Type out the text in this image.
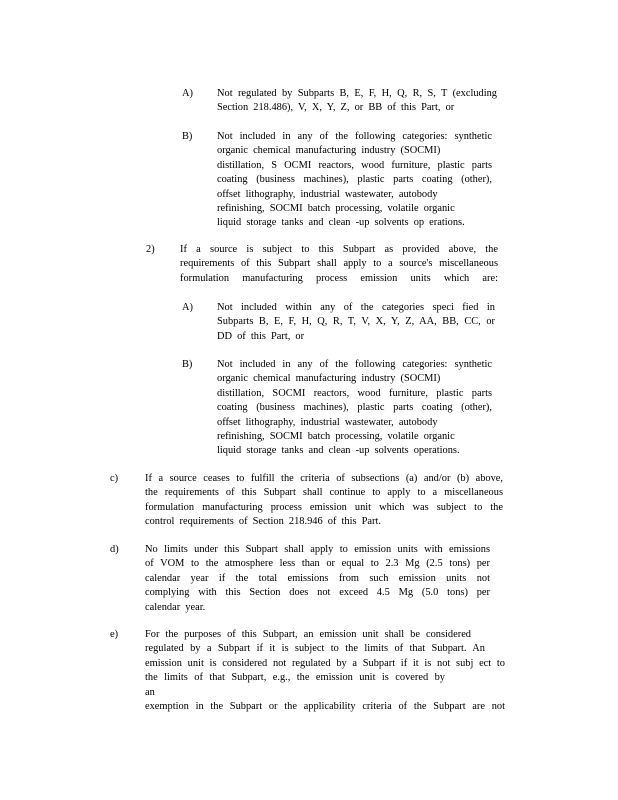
A) Not regulated by Subparts B, E, F, H, Q, R, S, T (excluding
Section 218.486), V, X, Y, Z, or BB of this Part, or
B) Not included in any of the following categories: synthetic
organic chemical manufacturing industry (SOCMI)
distillation, S OCMI reactors, wood furniture, plastic parts
coating (business machines), plastic parts coating (other),
offset lithography, industrial wastewater, autobody
refinishing, SOCMI batch processing, volatile organic
liquid storage tanks and clean -up solvents op erations.
2) If a source is subject to this Subpart as provided above, the
requirements of this Subpart shall apply to a source's miscellaneous
formulation manufacturing process emission units which are:
A) Not included within any of the categories speci fied in
Subparts B, E, F, H, Q, R, T, V, X, Y, Z, AA, BB, CC, or
DD of this Part, or
B) Not included in any of the following categories: synthetic
organic chemical manufacturing industry (SOCMI)
distillation, SOCMI reactors, wood furniture, plastic parts
coating (business machines), plastic parts coating (other),
offset lithography, industrial wastewater, autobody
refinishing, SOCMI batch processing, volatile organic
liquid storage tanks and clean -up solvents operations.
c)	If a source ceases to fulfill the criteria of subsections (a) and/or (b) above,
the requirements of this Subpart shall continue to apply to a miscellaneous
formulation manufacturing process emission unit which was subject to the
control requirements of Section 218.946 of this Part.
d)	No limits under this Subpart shall apply to emission units with emissions
of VOM to the atmosphere less than or equal to 2.3 Mg (2.5 tons) per
calendar year if the total emissions from such emission units not
complying with this Section does not exceed 4.5 Mg (5.0 tons) per
calendar year.
e)	For the purposes of this Subpart, an emission unit shall be considered
regulated by a Subpart if it is subject to the limits of that Subpart. An
emission unit is considered not regulated by a Subpart if it is not subj ect to
the limits of that Subpart, e.g., the emission unit is covered by an
exemption in the Subpart or the applicability criteria of the Subpart are not
